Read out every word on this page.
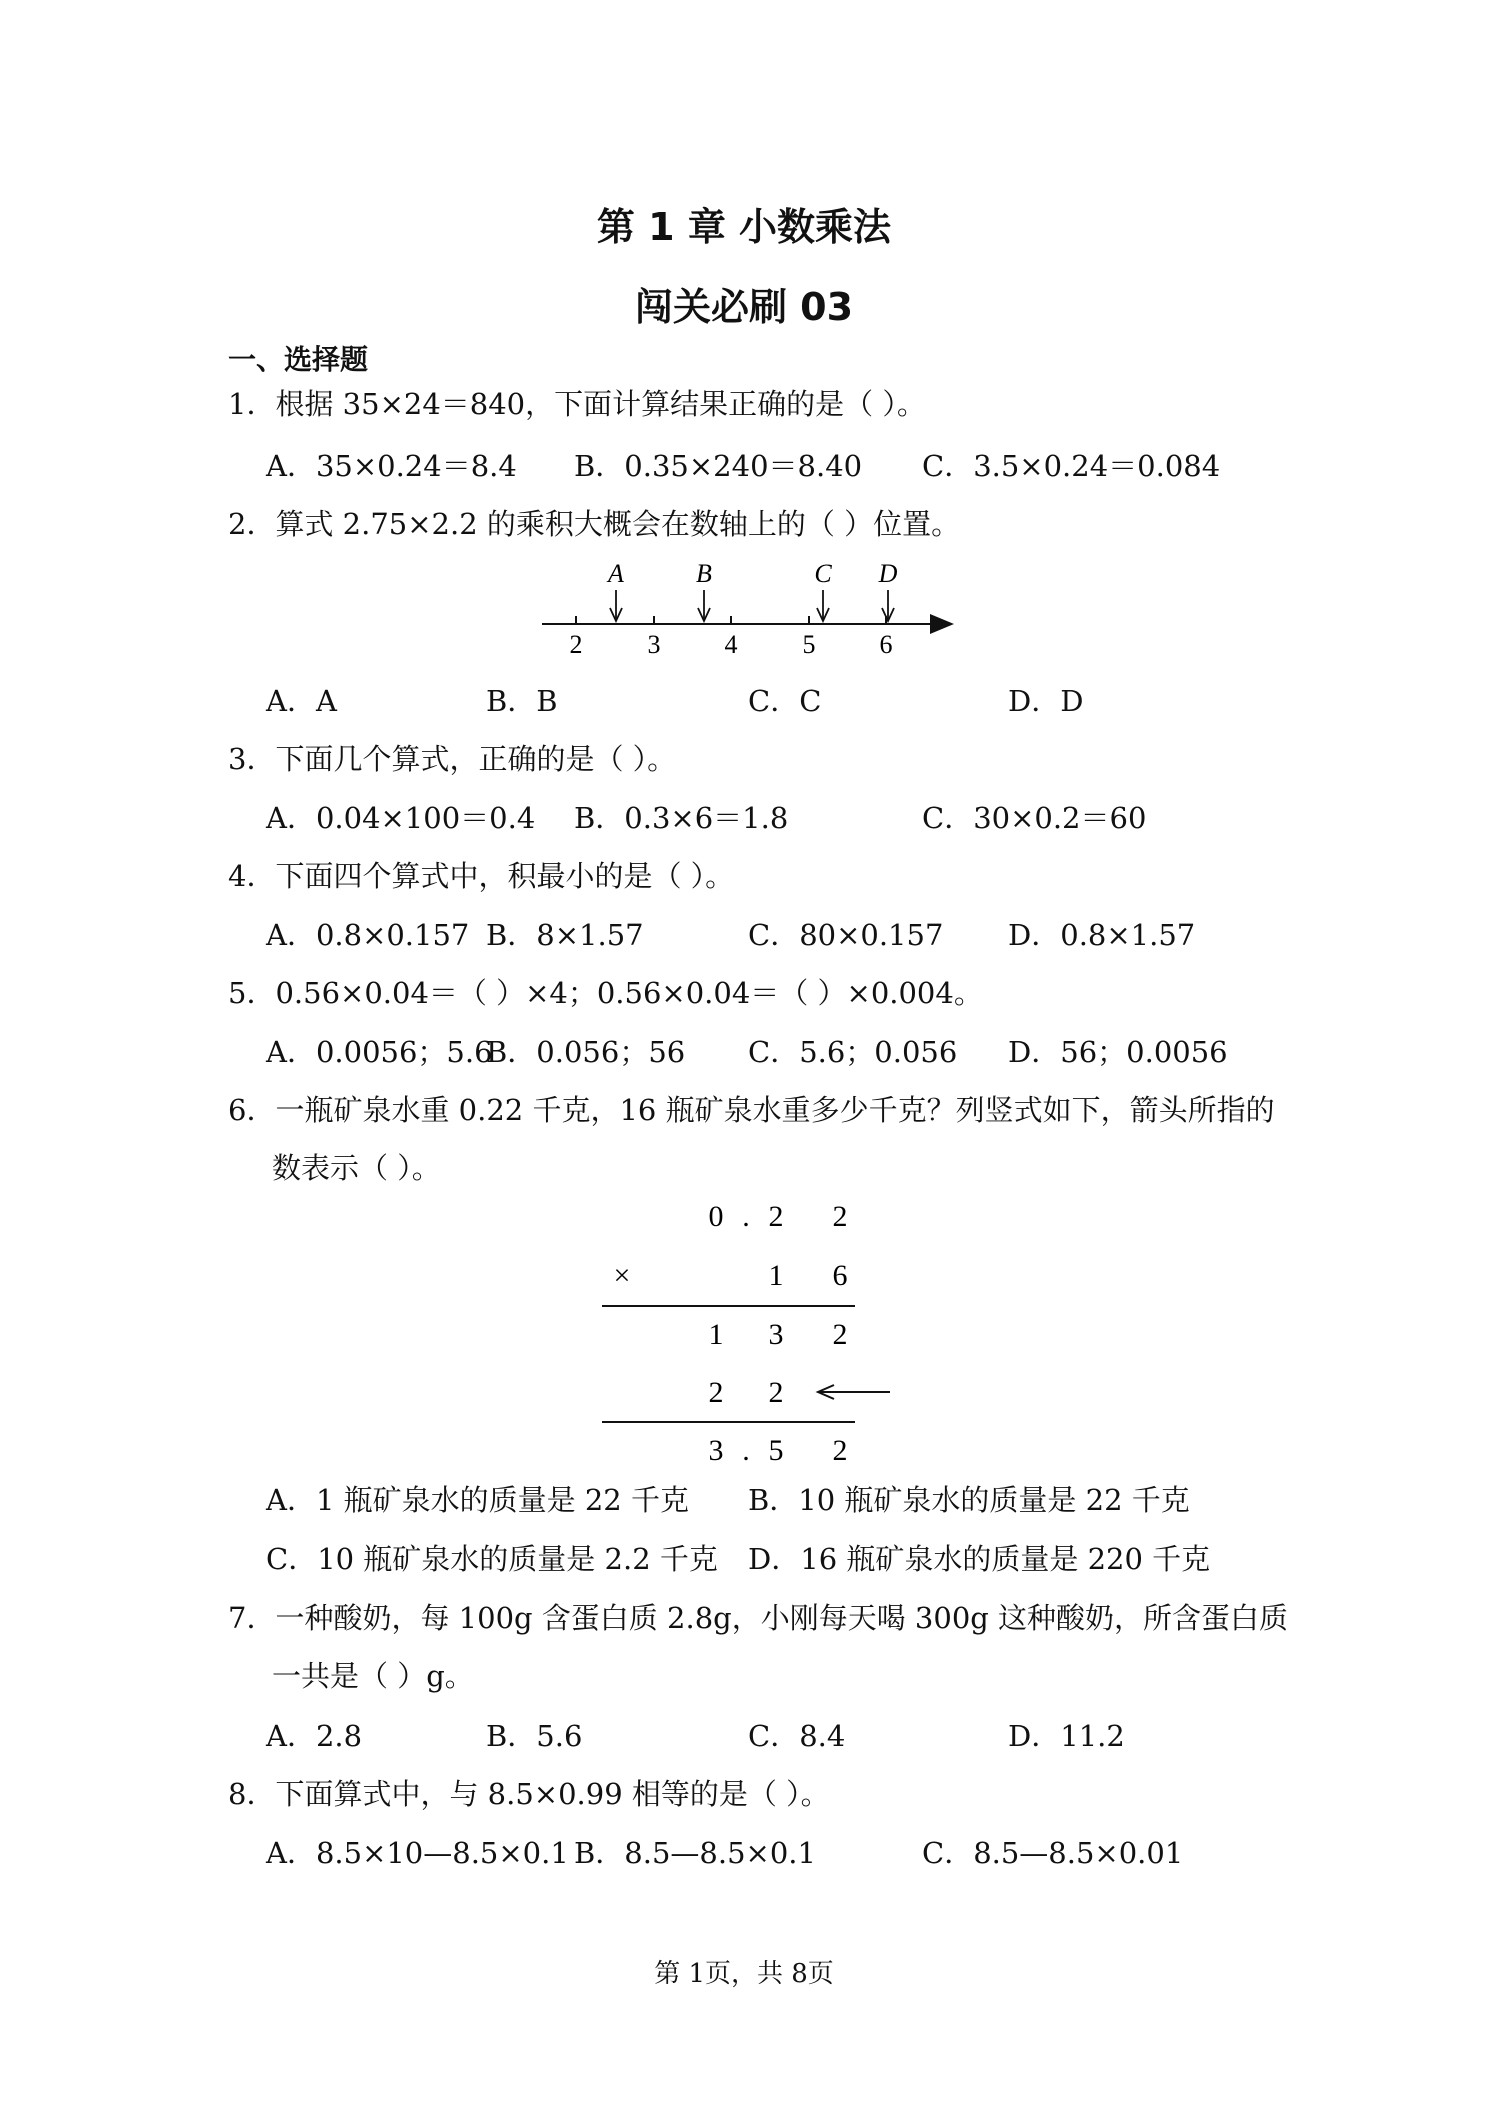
第 1 章 小数乘法
闯关必刷 03
一、选择题
1．根据 35×24＝840，下面计算结果正确的是（ ）。
A．35×0.24＝8.4 B．0.35×240＝8.40 C．3.5×0.24＝0.084
2．算式 2.75×2.2 的乘积大概会在数轴上的（ ）位置。
2	3 4	5 6
A	B	C D
A．A	B．B	C．C	D．D
3．下面几个算式，正确的是（ ）。
A．0.04×100＝0.4 B．0.3×6＝1.8	C．30×0.2＝60
4．下面四个算式中，积最小的是（ ）。
A．0.8×0.157 B．8×1.57	C．80×0.157 D．0.8×1.57
5．0.56×0.04＝（ ）×4；0.56×0.04＝（ ）×0.004。
A．0.0056；5.6
B．0.056；56 C．5.6；0.056 D．56；0.0056
6．一瓶矿泉水重 0.22 千克，16 瓶矿泉水重多少千克？列竖式如下，箭头所指的
数表示（ ）。
0 . 2 2
×	1 6
1 3 2
2 2
3 . 5 2
A．1 瓶矿泉水的质量是 22 千克 B．10 瓶矿泉水的质量是 22 千克
C．10 瓶矿泉水的质量是 2.2 千克 D．16 瓶矿泉水的质量是 220 千克
7．一种酸奶，每 100g 含蛋白质 2.8g，小刚每天喝 300g 这种酸奶，所含蛋白质
一共是（ ）g。
A．2.8	B．5.6	C．8.4	D．11.2
8．下面算式中，与 8.5×0.99 相等的是（ ）。
A．8.5×10—8.5×0.1 B．8.5—8.5×0.1	C．8.5—8.5×0.01
第 1页，共 8页
